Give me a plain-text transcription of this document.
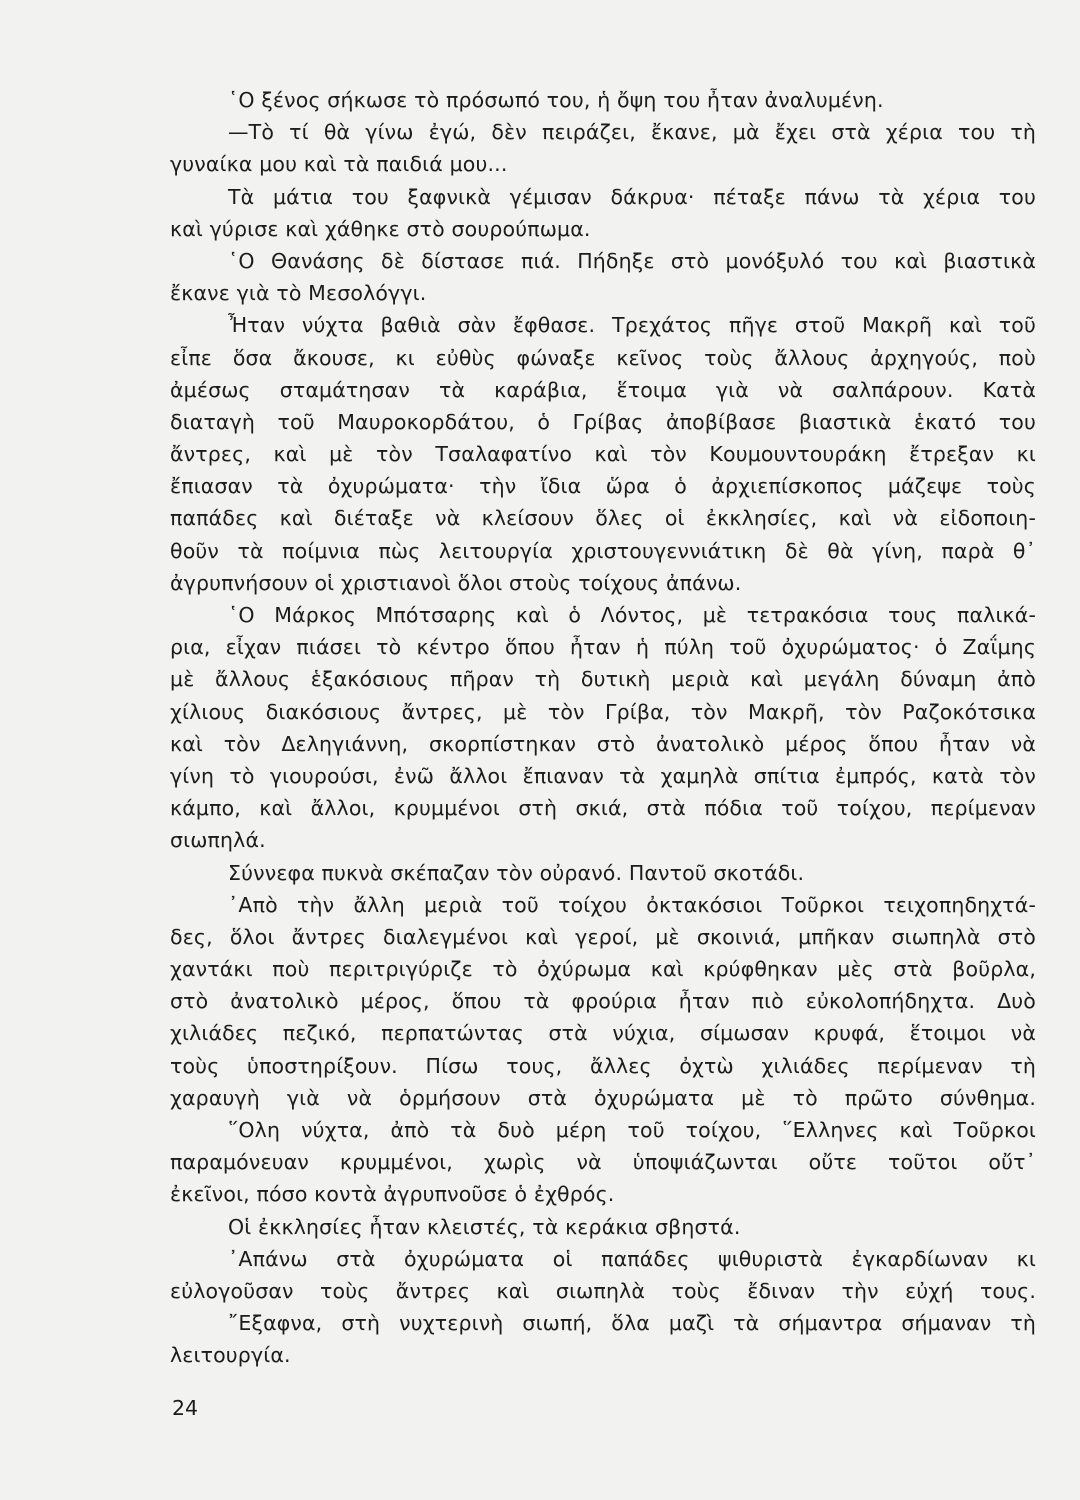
῾Ο ξένος σήκωσε τὸ πρόσωπό του, ἡ ὄψη του ἦταν ἀναλυμένη.
—Τὸ τί θὰ γίνω ἐγώ, δὲν πειράζει, ἔκανε, μὰ ἔχει στὰ χέρια του τὴ
γυναίκα μου καὶ τὰ παιδιά μου...
Τὰ μάτια του ξαφνικὰ γέμισαν δάκρυα· πέταξε πάνω τὰ χέρια του
καὶ γύρισε καὶ χάθηκε στὸ σουρούπωμα.
῾Ο Θανάσης δὲ δίστασε πιά. Πήδηξε στὸ μονόξυλό του καὶ βιαστικὰ
ἔκανε γιὰ τὸ Μεσολόγγι.
Ἦταν νύχτα βαθιὰ σὰν ἔφθασε. Τρεχάτος πῆγε στοῦ Μακρῆ καὶ τοῦ
εἶπε ὅσα ἄκουσε, κι εὐθὺς φώναξε κεῖνος τοὺς ἄλλους ἀρχηγούς, ποὺ
ἀμέσως σταμάτησαν τὰ καράβια, ἕτοιμα γιὰ νὰ σαλπάρουν. Κατὰ
διαταγὴ τοῦ Μαυροκορδάτου, ὁ Γρίβας ἀποβίβασε βιαστικὰ ἑκατό του
ἄντρες, καὶ μὲ τὸν Τσαλαφατίνο καὶ τὸν Κουμουντουράκη ἔτρεξαν κι
ἔπιασαν τὰ ὀχυρώματα· τὴν ἴδια ὥρα ὁ ἀρχιεπίσκοπος μάζεψε τοὺς
παπάδες καὶ διέταξε νὰ κλείσουν ὅλες οἱ ἐκκλησίες, καὶ νὰ εἰδοποιη-
θοῦν τὰ ποίμνια πὼς λειτουργία χριστουγεννιάτικη δὲ θὰ γίνη, παρὰ θ᾽
ἀγρυπνήσουν οἱ χριστιανοὶ ὅλοι στοὺς τοίχους ἀπάνω.
῾Ο Μάρκος Μπότσαρης καὶ ὁ Λόντος, μὲ τετρακόσια τους παλικά-
ρια, εἶχαν πιάσει τὸ κέντρο ὅπου ἦταν ἡ πύλη τοῦ ὀχυρώματος· ὁ Ζαΐμης
μὲ ἄλλους ἑξακόσιους πῆραν τὴ δυτικὴ μεριὰ καὶ μεγάλη δύναμη ἀπὸ
χίλιους διακόσιους ἄντρες, μὲ τὸν Γρίβα, τὸν Μακρῆ, τὸν Ραζοκότσικα
καὶ τὸν Δεληγιάννη, σκορπίστηκαν στὸ ἀνατολικὸ μέρος ὅπου ἦταν νὰ
γίνη τὸ γιουρούσι, ἐνῶ ἄλλοι ἔπιαναν τὰ χαμηλὰ σπίτια ἐμπρός, κατὰ τὸν
κάμπο, καὶ ἄλλοι, κρυμμένοι στὴ σκιά, στὰ πόδια τοῦ τοίχου, περίμεναν
σιωπηλά.
Σύννεφα πυκνὰ σκέπαζαν τὸν οὐρανό. Παντοῦ σκοτάδι.
᾽Απὸ τὴν ἄλλη μεριὰ τοῦ τοίχου ὀκτακόσιοι Τοῦρκοι τειχοπηδηχτά-
δες, ὅλοι ἄντρες διαλεγμένοι καὶ γεροί, μὲ σκοινιά, μπῆκαν σιωπηλὰ στὸ
χαντάκι ποὺ περιτριγύριζε τὸ ὀχύρωμα καὶ κρύφθηκαν μὲς στὰ βοῦρλα,
στὸ ἀνατολικὸ μέρος, ὅπου τὰ φρούρια ἦταν πιὸ εὐκολοπήδηχτα. Δυὸ
χιλιάδες πεζικό, περπατώντας στὰ νύχια, σίμωσαν κρυφά, ἕτοιμοι νὰ
τοὺς ὑποστηρίξουν. Πίσω τους, ἄλλες ὀχτὼ χιλιάδες περίμεναν τὴ
χαραυγὴ γιὰ νὰ ὁρμήσουν στὰ ὀχυρώματα μὲ τὸ πρῶτο σύνθημα.
῞Ολη νύχτα, ἀπὸ τὰ δυὸ μέρη τοῦ τοίχου, ῞Ελληνες καὶ Τοῦρκοι
παραμόνευαν κρυμμένοι, χωρὶς νὰ ὑποψιάζωνται οὔτε τοῦτοι οὔτ᾽
ἐκεῖνοι, πόσο κοντὰ ἀγρυπνοῦσε ὁ ἐχθρός.
Οἱ ἐκκλησίες ἦταν κλειστές, τὰ κεράκια σβηστά.
᾽Απάνω στὰ ὀχυρώματα οἱ παπάδες ψιθυριστὰ ἐγκαρδίωναν κι
εὐλογοῦσαν τοὺς ἄντρες καὶ σιωπηλὰ τοὺς ἔδιναν τὴν εὐχή τους.
῎Εξαφνα, στὴ νυχτερινὴ σιωπή, ὅλα μαζὶ τὰ σήμαντρα σήμαναν τὴ
λειτουργία.
24
